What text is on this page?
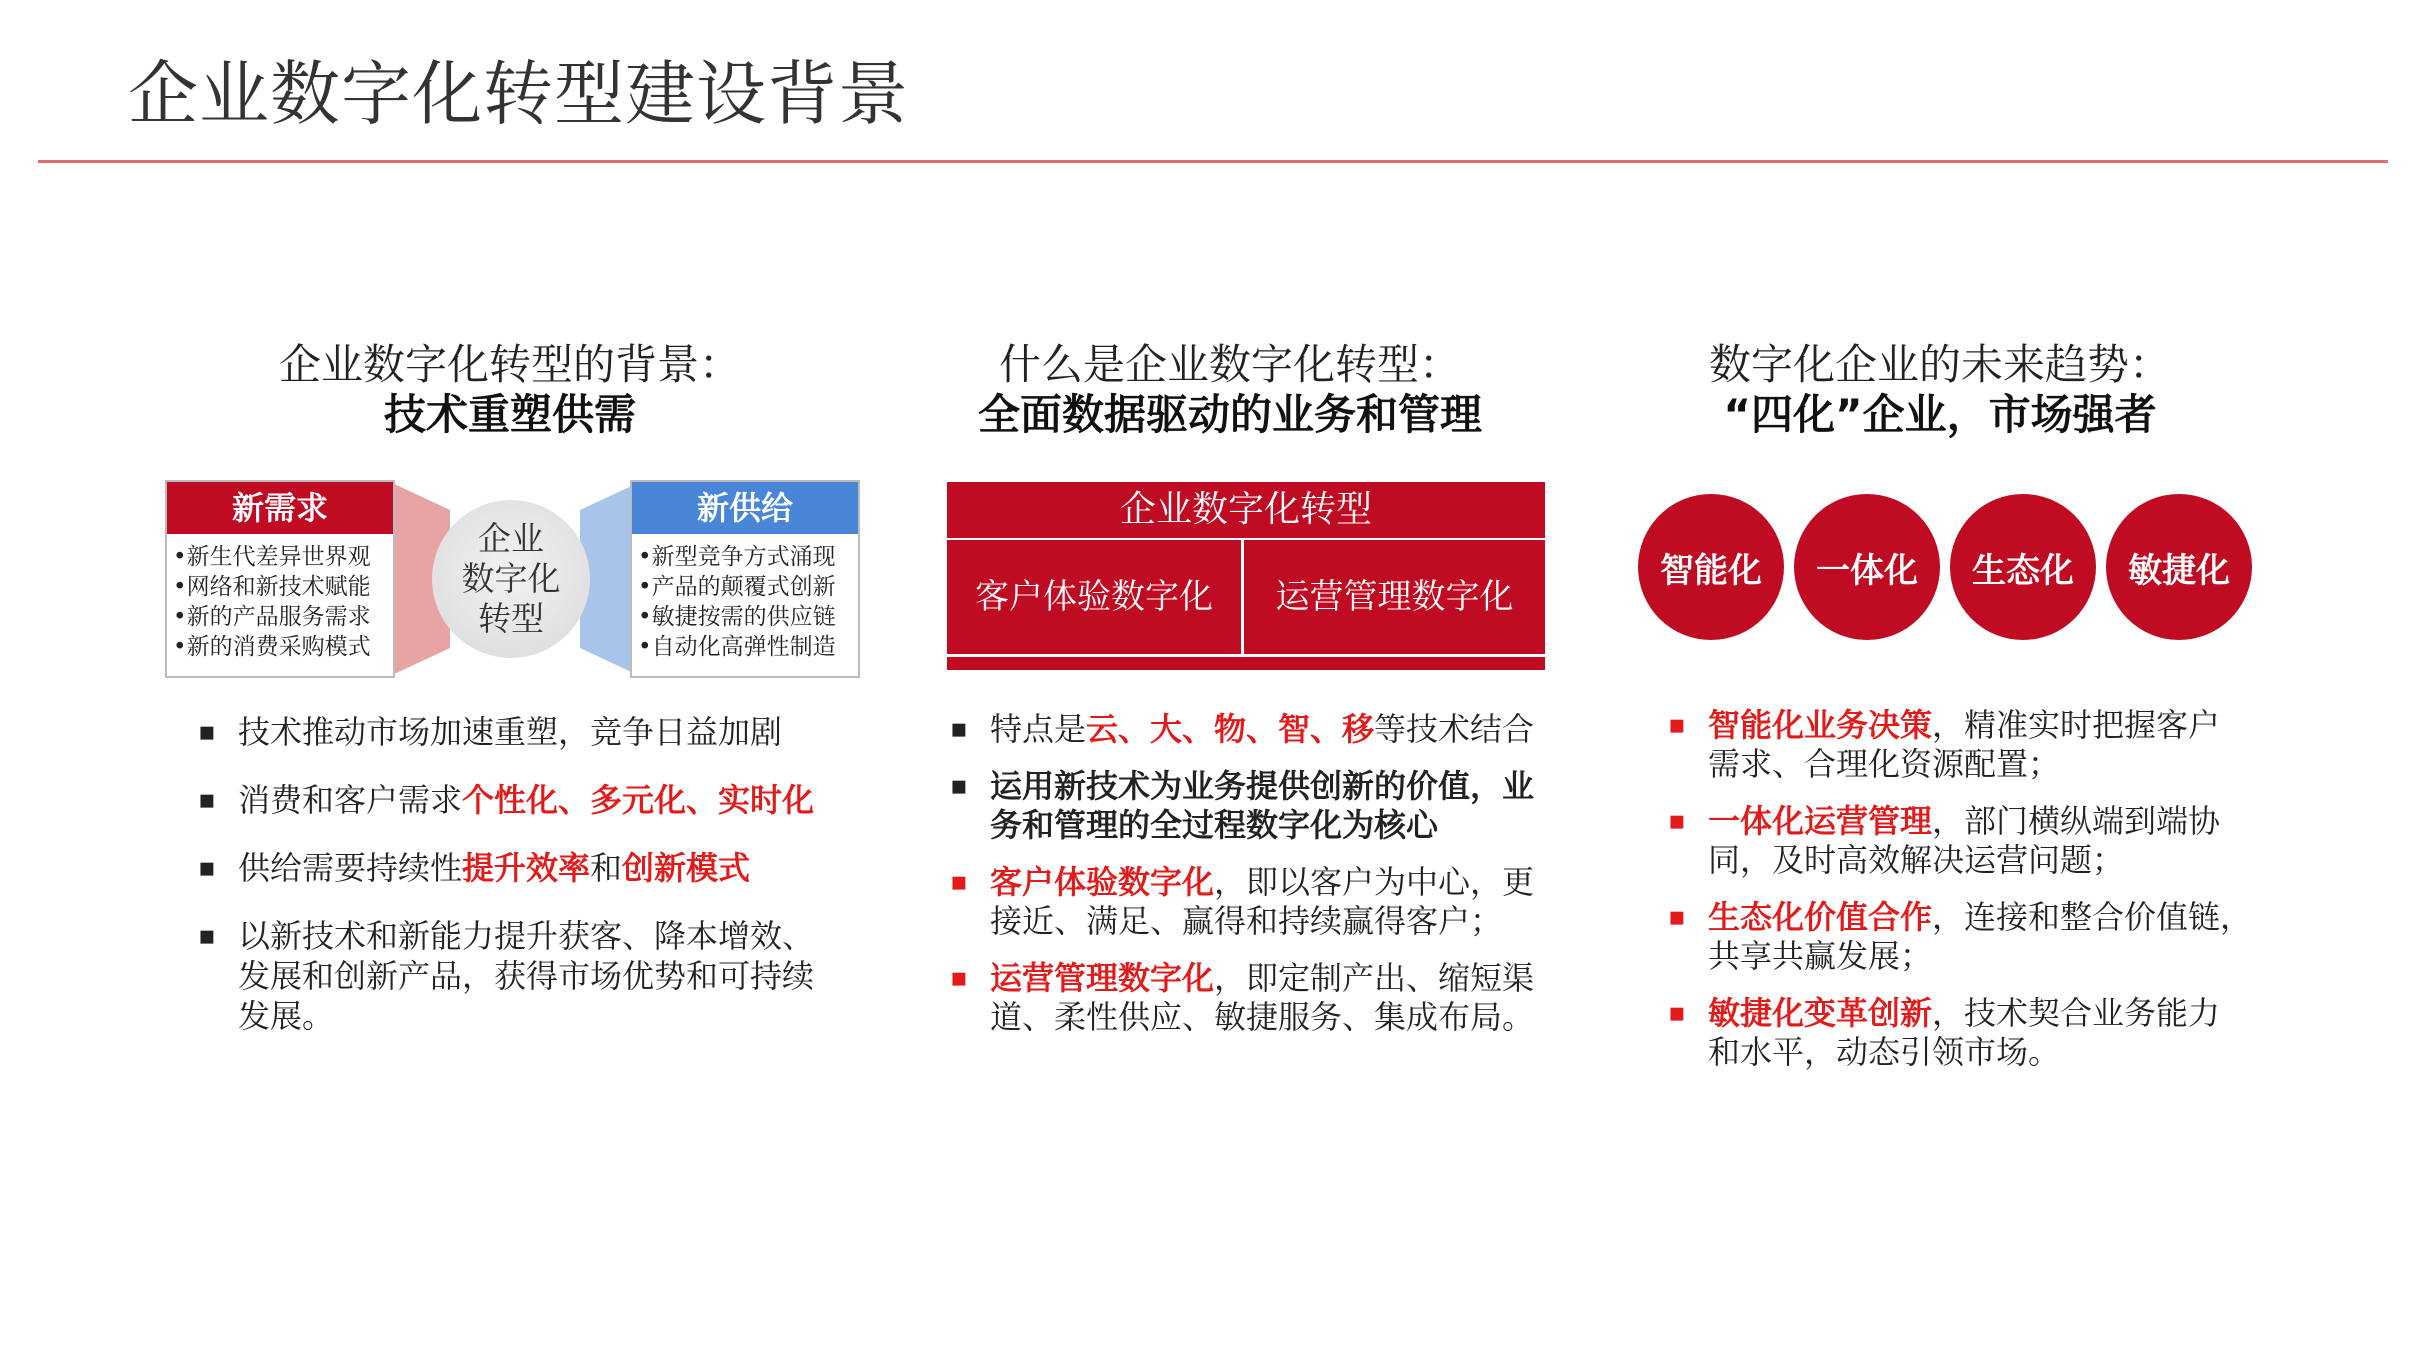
企业数字化转型建设背景
企业数字化转型的背景：
技术重塑供需
新需求
•新生代差异世界观
•网络和新技术赋能
•新的产品服务需求
•新的消费采购模式
企业
数字化
转型
新供给
•新型竞争方式涌现
•产品的颠覆式创新
•敏捷按需的供应链
•自动化高弹性制造
▪ 技术推动市场加速重塑，竞争日益加剧
▪ 消费和客户需求个性化、多元化、实时化
▪ 供给需要持续性提升效率和创新模式
▪ 以新技术和新能力提升获客、降本增效、
发展和创新产品，获得市场优势和可持续
发展。
什么是企业数字化转型：
全面数据驱动的业务和管理
企业数字化转型
客户体验数字化	运营管理数字化
▪ 特点是云、大、物、智、移等技术结合
▪ 运用新技术为业务提供创新的价值，业
务和管理的全过程数字化为核心
▪ 客户体验数字化，即以客户为中心，更
接近、满足、赢得和持续赢得客户；
▪ 运营管理数字化，即定制产出、缩短渠
道、柔性供应、敏捷服务、集成布局。
数字化企业的未来趋势：
“四化”企业，市场强者
智能化	一体化	生态化	敏捷化
▪ 智能化业务决策，精准实时把握客户
需求、合理化资源配置；
▪ 一体化运营管理，部门横纵端到端协
同，及时高效解决运营问题；
▪ 生态化价值合作，连接和整合价值链，
共享共赢发展；
▪ 敏捷化变革创新，技术契合业务能力
和水平，动态引领市场。
